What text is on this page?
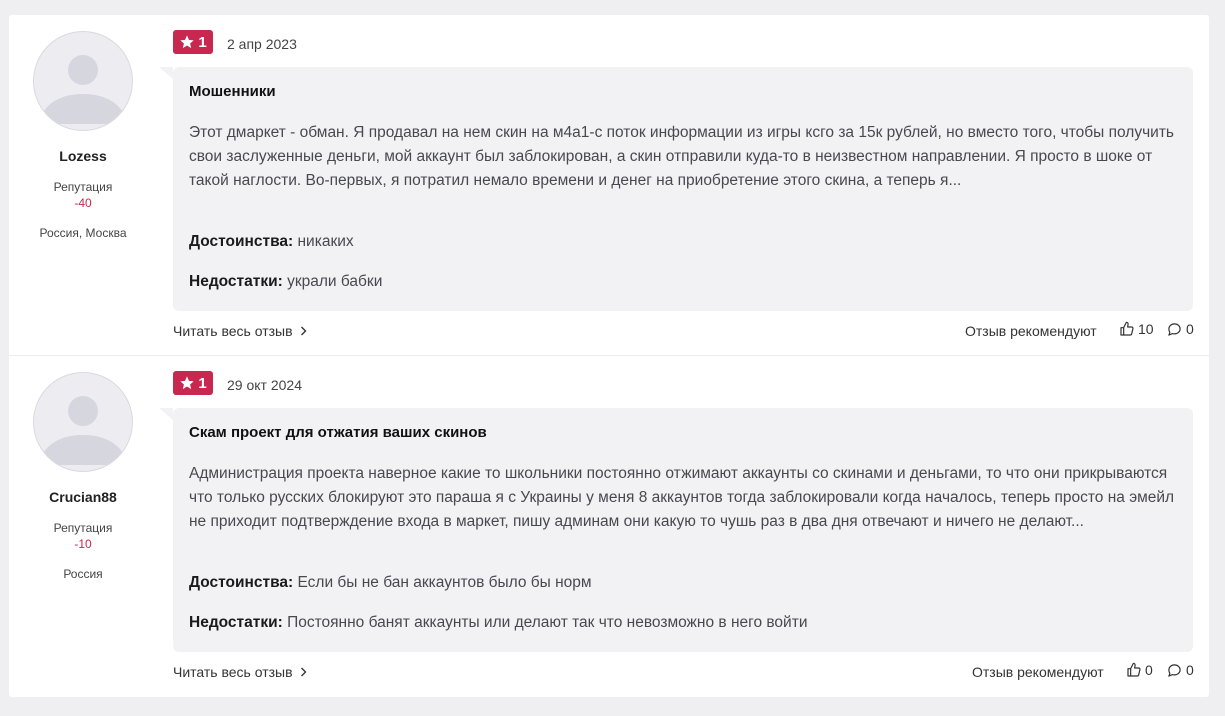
Lozess
Репутация
-40
Россия, Москва
1 2 апр 2023
Мошенники
Этот дмаркет - обман. Я продавал на нем скин на м4а1-с поток информации из игры ксго за 15к рублей, но вместо того, чтобы получить свои заслуженные деньги, мой аккаунт был заблокирован, а скин отправили куда-то в неизвестном направлении. Я просто в шоке от такой наглости. Во-первых, я потратил немало времени и денег на приобретение этого скина, а теперь я...
Достоинства: никаких
Недостатки: украли бабки
Читать весь отзыв	Отзыв рекомендуют	10 0
Crucian88
Репутация
-10
Россия
1 29 окт 2024
Скам проект для отжатия ваших скинов
Администрация проекта наверное какие то школьники постоянно отжимают аккаунты со скинами и деньгами, то что они прикрываются что только русских блокируют это параша я с Украины у меня 8 аккаунтов тогда заблокировали когда началось, теперь просто на эмейл не приходит подтверждение входа в маркет, пишу админам они какую то чушь раз в два дня отвечают и ничего не делают...
Достоинства: Если бы не бан аккаунтов было бы норм
Недостатки: Постоянно банят аккаунты или делают так что невозможно в него войти
Читать весь отзыв	Отзыв рекомендуют	0 0
